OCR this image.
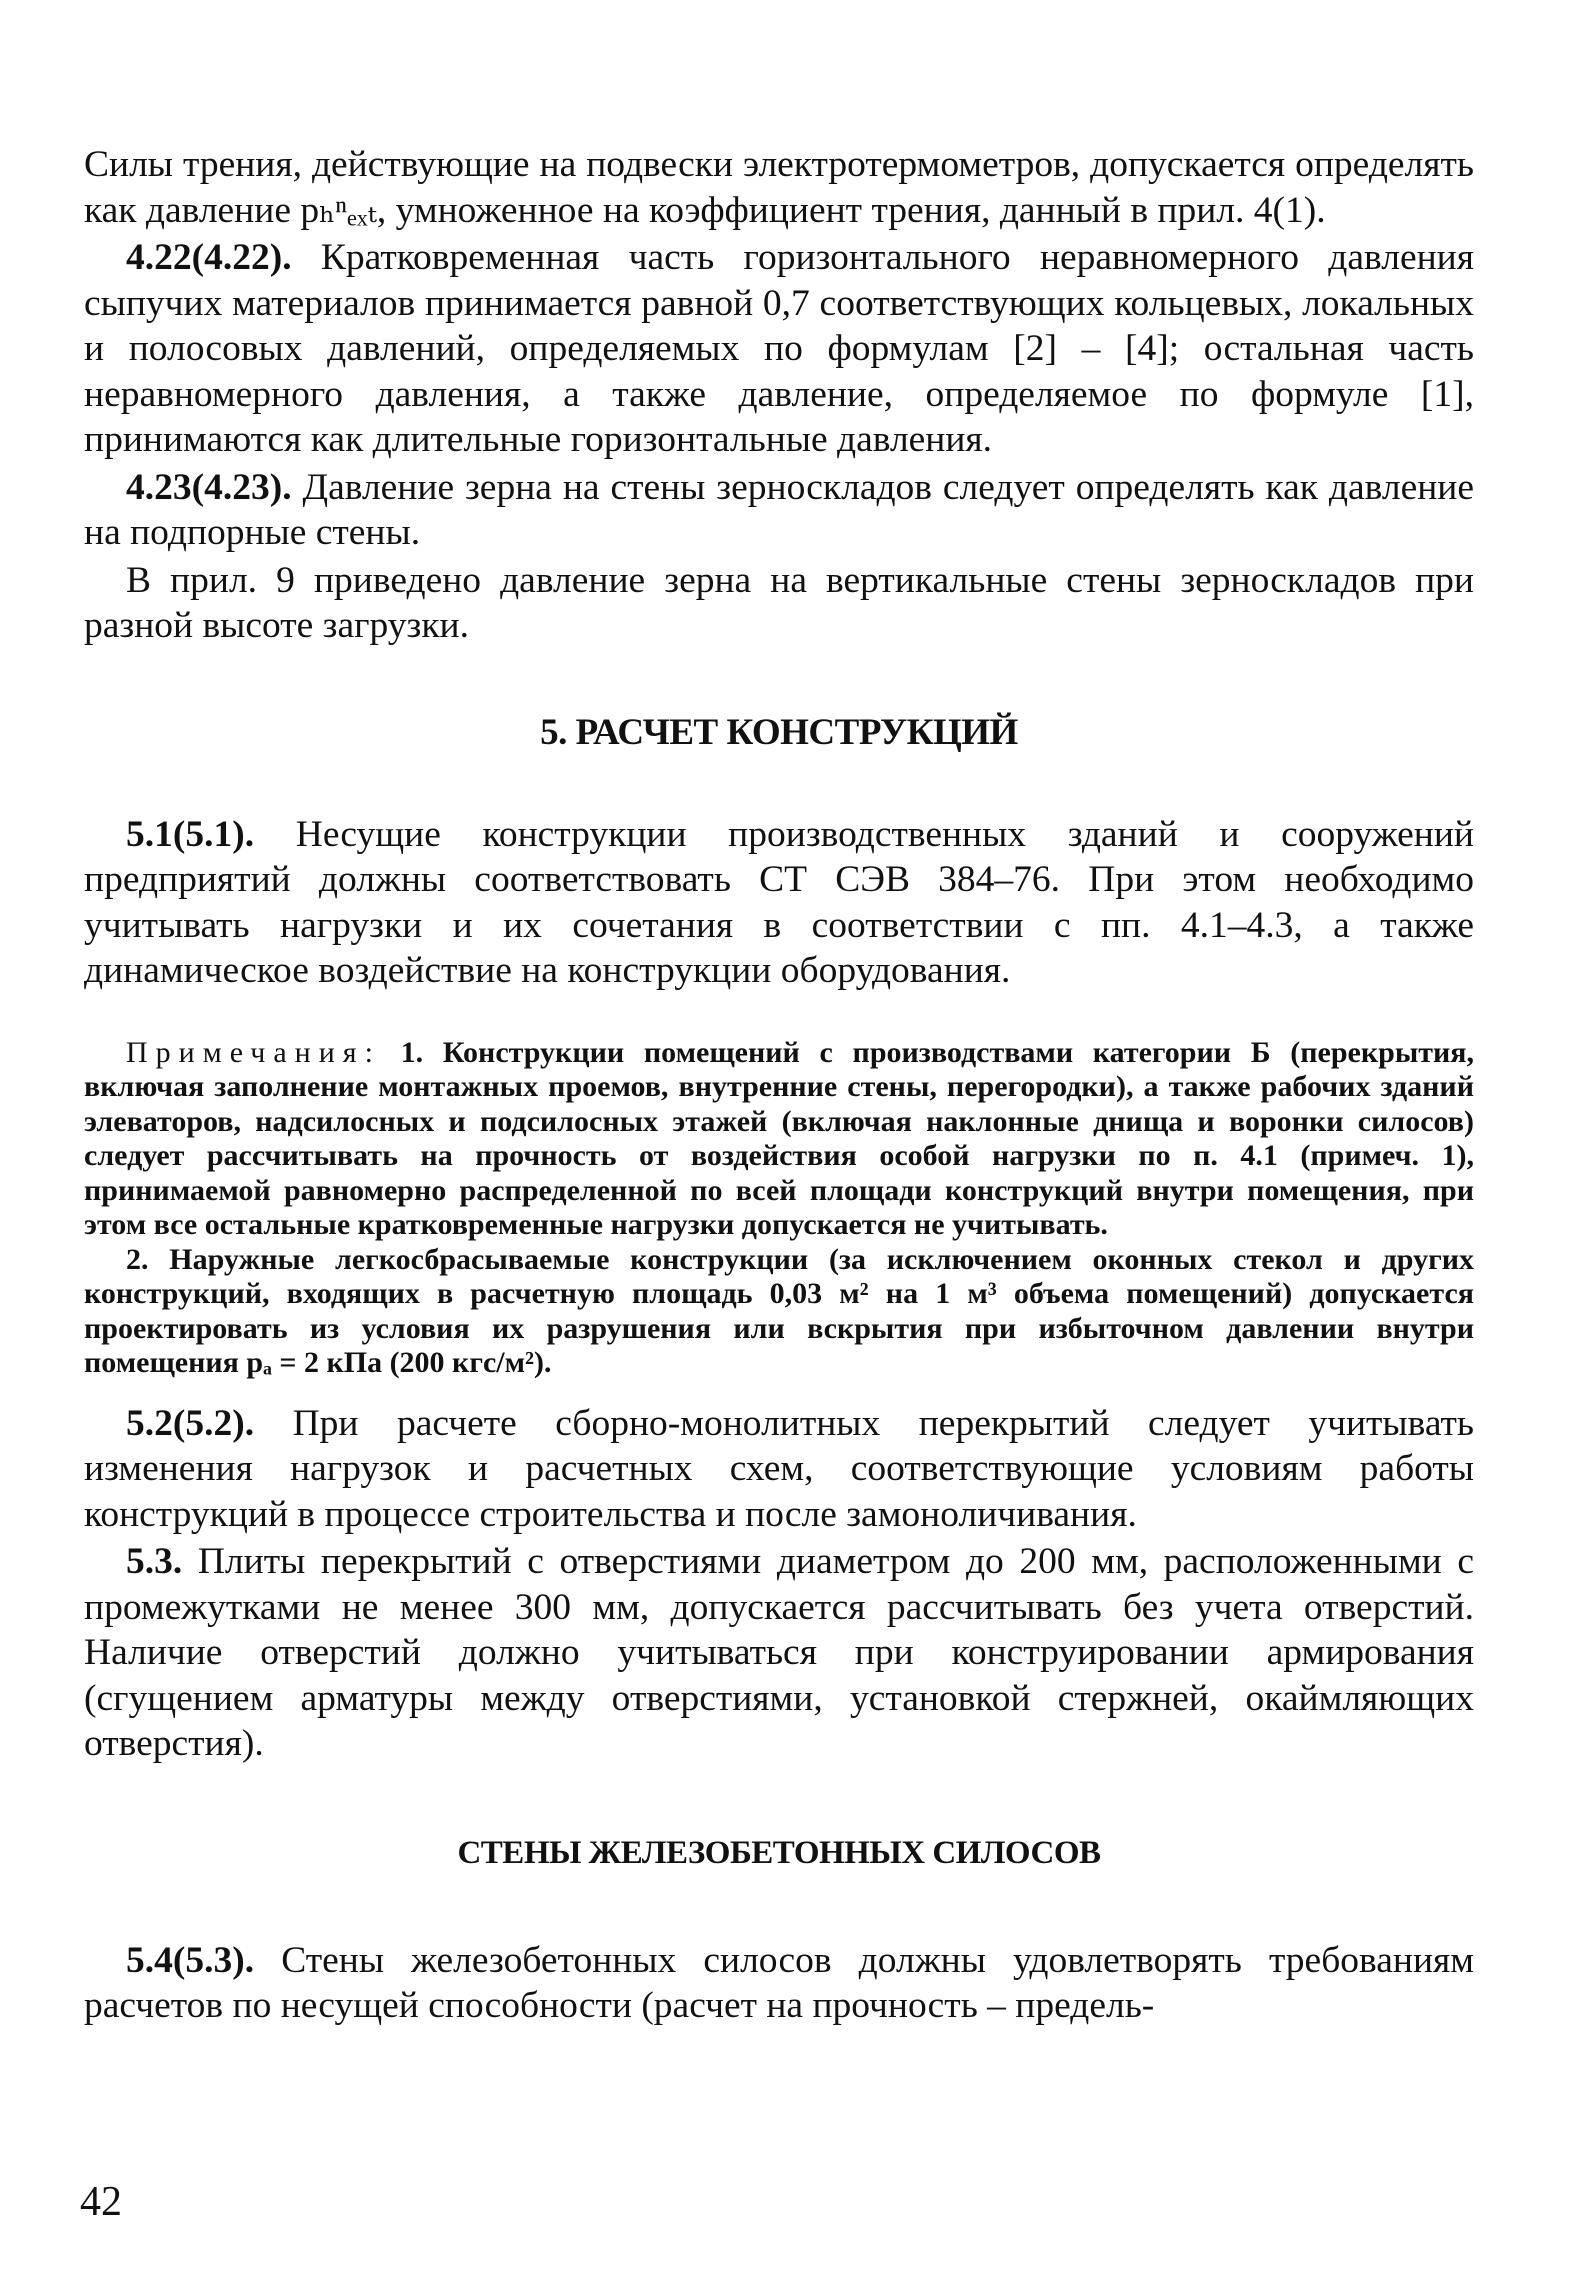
Силы трения, действующие на подвески электротермометров, допускается определять как давление pₕⁿₑₓₜ, умноженное на коэффициент трения, данный в прил. 4(1).

4.22(4.22). Кратковременная часть горизонтального неравномерного давления сыпучих материалов принимается равной 0,7 соответствующих кольцевых, локальных и полосовых давлений, определяемых по формулам [2] – [4]; остальная часть неравномерного давления, а также давление, определяемое по формуле [1], принимаются как длительные горизонтальные давления.

4.23(4.23). Давление зерна на стены зерноскладов следует определять как давление на подпорные стены.

В прил. 9 приведено давление зерна на вертикальные стены зерноскладов при разной высоте загрузки.

5. РАСЧЕТ КОНСТРУКЦИЙ

5.1(5.1). Несущие конструкции производственных зданий и сооружений предприятий должны соответствовать СТ СЭВ 384–76. При этом необходимо учитывать нагрузки и их сочетания в соответствии с пп. 4.1–4.3, а также динамическое воздействие на конструкции оборудования.

Примечания: 1. Конструкции помещений с производствами категории Б (перекрытия, включая заполнение монтажных проемов, внутренние стены, перегородки), а также рабочих зданий элеваторов, надсилосных и подсилосных этажей (включая наклонные днища и воронки силосов) следует рассчитывать на прочность от воздействия особой нагрузки по п. 4.1 (примеч. 1), принимаемой равномерно распределенной по всей площади конструкций внутри помещения, при этом все остальные кратковременные нагрузки допускается не учитывать.

2. Наружные легкосбрасываемые конструкции (за исключением оконных стекол и других конструкций, входящих в расчетную площадь 0,03 м² на 1 м³ объема помещений) допускается проектировать из условия их разрушения или вскрытия при избыточном давлении внутри помещения pₐ = 2 кПа (200 кгс/м²).

5.2(5.2). При расчете сборно-монолитных перекрытий следует учитывать изменения нагрузок и расчетных схем, соответствующие условиям работы конструкций в процессе строительства и после замоноличивания.

5.3. Плиты перекрытий с отверстиями диаметром до 200 мм, расположенными с промежутками не менее 300 мм, допускается рассчитывать без учета отверстий. Наличие отверстий должно учитываться при конструировании армирования (сгущением арматуры между отверстиями, установкой стержней, окаймляющих отверстия).

СТЕНЫ ЖЕЛЕЗОБЕТОННЫХ СИЛОСОВ

5.4(5.3). Стены железобетонных силосов должны удовлетворять требованиям расчетов по несущей способности (расчет на прочность – предель-

42
